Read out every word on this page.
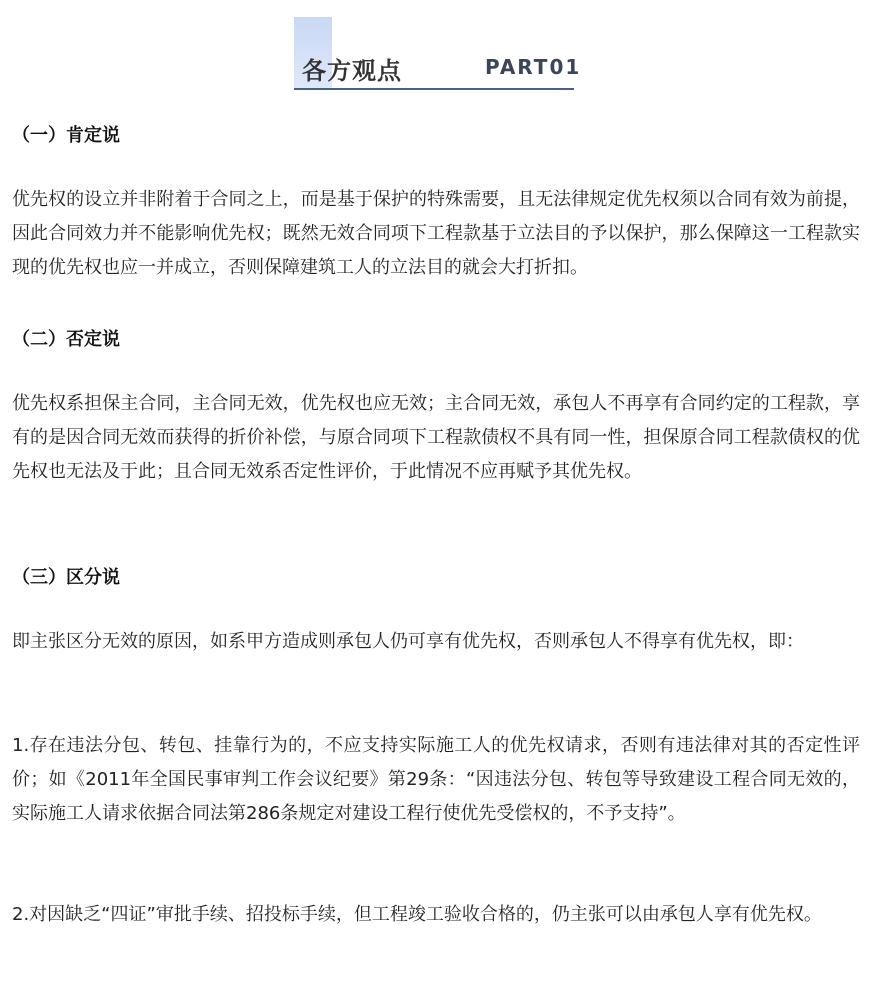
各方观点	PART01
（一）肯定说
优先权的设立并非附着于合同之上，而是基于保护的特殊需要，且无法律规定优先权须以合同有效为前提，因此合同效力并不能影响优先权；既然无效合同项下工程款基于立法目的予以保护，那么保障这一工程款实现的优先权也应一并成立，否则保障建筑工人的立法目的就会大打折扣。
（二）否定说
优先权系担保主合同，主合同无效，优先权也应无效；主合同无效，承包人不再享有合同约定的工程款，享有的是因合同无效而获得的折价补偿，与原合同项下工程款债权不具有同一性，担保原合同工程款债权的优先权也无法及于此；且合同无效系否定性评价，于此情况不应再赋予其优先权。
（三）区分说
即主张区分无效的原因，如系甲方造成则承包人仍可享有优先权，否则承包人不得享有优先权，即：
1.存在违法分包、转包、挂靠行为的，不应支持实际施工人的优先权请求，否则有违法律对其的否定性评价；如《2011年全国民事审判工作会议纪要》第29条：“因违法分包、转包等导致建设工程合同无效的，实际施工人请求依据合同法第286条规定对建设工程行使优先受偿权的，不予支持”。
2.对因缺乏“四证”审批手续、招投标手续，但工程竣工验收合格的，仍主张可以由承包人享有优先权。
